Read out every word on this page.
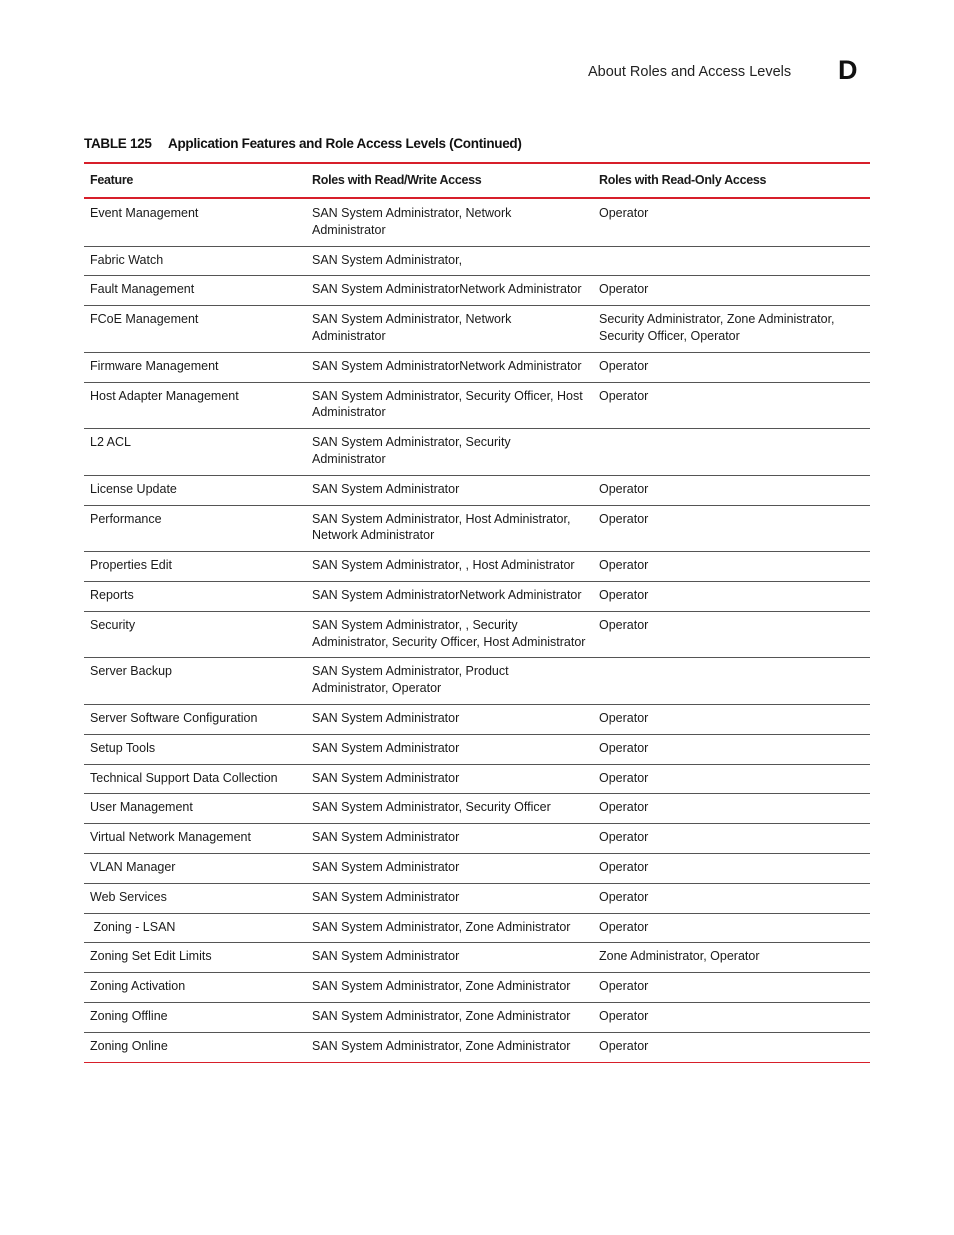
About Roles and Access Levels D
TABLE 125 Application Features and Role Access Levels (Continued)
Feature	Roles with Read/Write Access	Roles with Read-Only Access
Event Management	SAN System Administrator, Network Administrator	Operator
Fabric Watch	SAN System Administrator,	
Fault Management	SAN System AdministratorNetwork Administrator	Operator
FCoE Management	SAN System Administrator, Network Administrator	Security Administrator, Zone Administrator, Security Officer, Operator
Firmware Management	SAN System AdministratorNetwork Administrator	Operator
Host Adapter Management	SAN System Administrator, Security Officer, Host Administrator	Operator
L2 ACL	SAN System Administrator, Security Administrator	
License Update	SAN System Administrator	Operator
Performance	SAN System Administrator, Host Administrator, Network Administrator	Operator
Properties Edit	SAN System Administrator, , Host Administrator	Operator
Reports	SAN System AdministratorNetwork Administrator	Operator
Security	SAN System Administrator, , Security Administrator, Security Officer, Host Administrator	Operator
Server Backup	SAN System Administrator, Product Administrator, Operator	
Server Software Configuration	SAN System Administrator	Operator
Setup Tools	SAN System Administrator	Operator
Technical Support Data Collection	SAN System Administrator	Operator
User Management	SAN System Administrator, Security Officer	Operator
Virtual Network Management	SAN System Administrator	Operator
VLAN Manager	SAN System Administrator	Operator
Web Services	SAN System Administrator	Operator
Zoning - LSAN	SAN System Administrator, Zone Administrator	Operator
Zoning Set Edit Limits	SAN System Administrator	Zone Administrator, Operator
Zoning Activation	SAN System Administrator, Zone Administrator	Operator
Zoning Offline	SAN System Administrator, Zone Administrator	Operator
Zoning Online	SAN System Administrator, Zone Administrator	Operator
